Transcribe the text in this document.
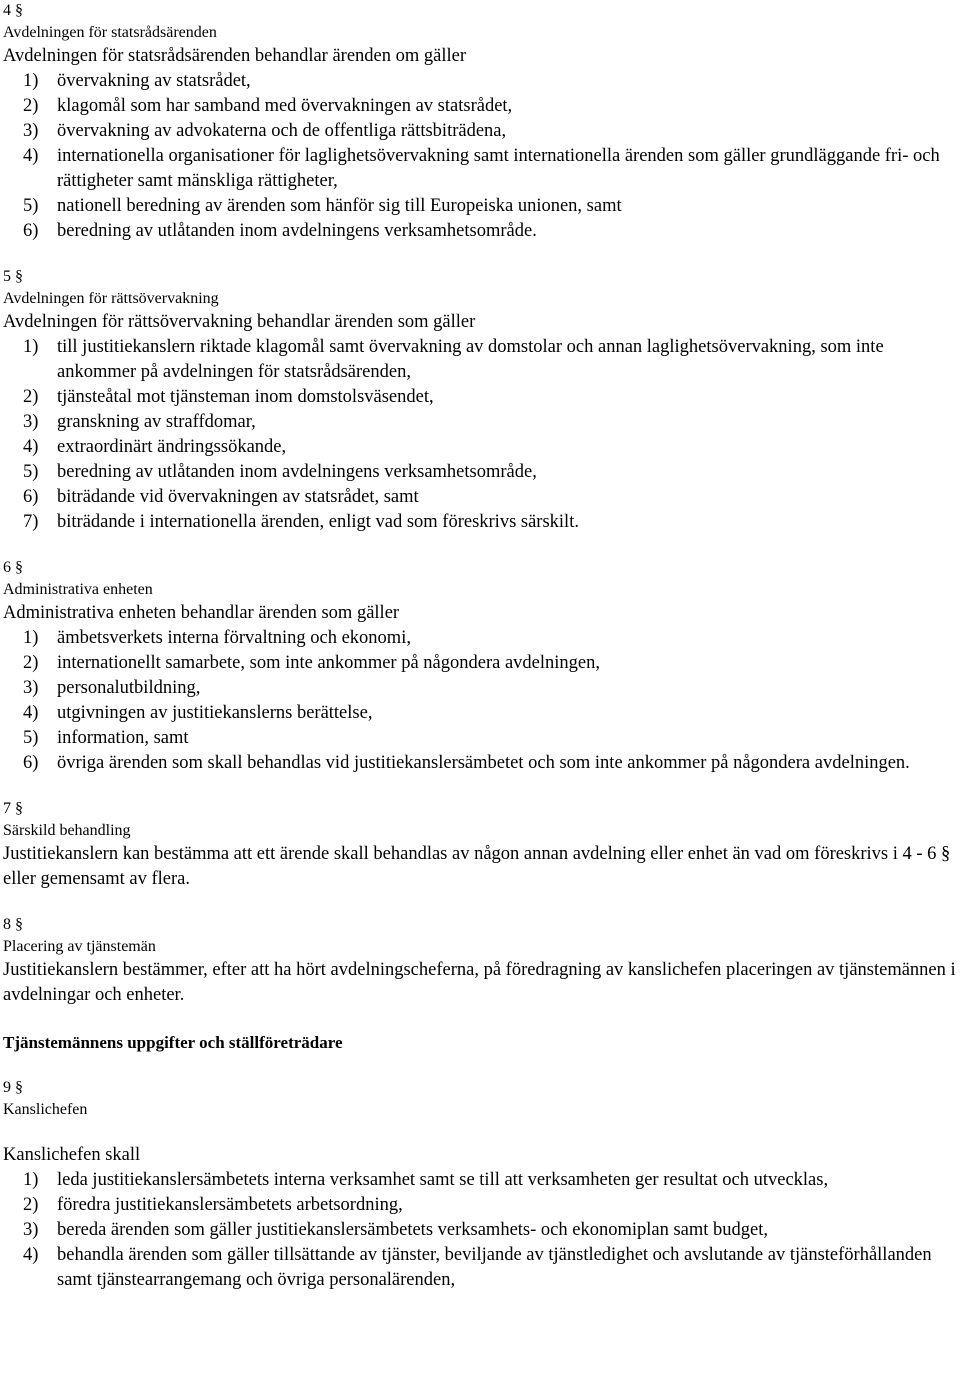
4 §
Avdelningen för statsrådsärenden
Avdelningen för statsrådsärenden behandlar ärenden om gäller
1)	övervakning av statsrådet,
2)	klagomål som har samband med övervakningen av statsrådet,
3)	övervakning av advokaterna och de offentliga rättsbiträdena,
4)	internationella organisationer för laglighetsövervakning samt internationella ärenden som gäller grundläggande fri- och rättigheter samt mänskliga rättigheter,
5)	nationell beredning av ärenden som hänför sig till Europeiska unionen, samt
6)	beredning av utlåtanden inom avdelningens verksamhetsområde.
5 §
Avdelningen för rättsövervakning
Avdelningen för rättsövervakning behandlar ärenden som gäller
1)	till justitiekanslern riktade klagomål samt övervakning av domstolar och annan laglighetsövervakning, som inte ankommer på avdelningen för statsrådsärenden,
2)	tjänsteåtal mot tjänsteman inom domstolsväsendet,
3)	granskning av straffdomar,
4)	extraordinärt ändringssökande,
5)	beredning av utlåtanden inom avdelningens verksamhetsområde,
6)	biträdande vid övervakningen av statsrådet, samt
7)	biträdande i internationella ärenden, enligt vad som föreskrivs särskilt.
6 §
Administrativa enheten
Administrativa enheten behandlar ärenden som gäller
1)	ämbetsverkets interna förvaltning och ekonomi,
2)	internationellt samarbete, som inte ankommer på någondera avdelningen,
3)	personalutbildning,
4)	utgivningen av justitiekanslerns berättelse,
5)	information, samt
6)	övriga ärenden som skall behandlas vid justitiekanslersämbetet och som inte ankommer på någondera avdelningen.
7 §
Särskild behandling
Justitiekanslern kan bestämma att ett ärende skall behandlas av någon annan avdelning eller enhet än vad om föreskrivs i 4 - 6 § eller gemensamt av flera.
8 §
Placering av tjänstemän
Justitiekanslern bestämmer, efter att ha hört avdelningscheferna, på föredragning av kanslichefen placeringen av tjänstemännen i avdelningar och enheter.
Tjänstemännens uppgifter och ställföreträdare
9 §
Kanslichefen
Kanslichefen skall
1)	leda justitiekanslersämbetets interna verksamhet samt se till att verksamheten ger resultat och utvecklas,
2)	föredra justitiekanslersämbetets arbetsordning,
3)	bereda ärenden som gäller justitiekanslersämbetets verksamhets- och ekonomiplan samt budget,
4)	behandla ärenden som gäller tillsättande av tjänster, beviljande av tjänstledighet och avslutande av tjänsteförhållanden samt tjänstearrangemang och övriga personalärenden,
